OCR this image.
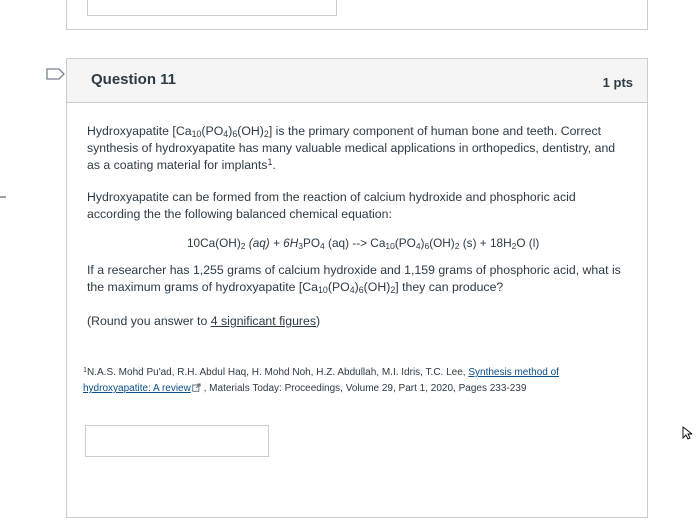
Question 11	1 pts
Hydroxyapatite $[Ca_{10}(PO_4)_6(OH)_2]$ is the primary component of human bone and teeth. Correct synthesis of hydroxyapatite has many valuable medical applications in orthopedics, dentistry, and as a coating material for implants$^1$.
Hydroxyapatite can be formed from the reaction of calcium hydroxide and phosphoric acid according the the following balanced chemical equation:
$10Ca(OH)_2$ $(aq) + 6H_3PO_4$ (aq) --> $Ca_{10}(PO_4)_6(OH)_2$ $(s) + 18H_2O$ (l)
If a researcher has 1,255 grams of calcium hydroxide and 1,159 grams of phosphoric acid, what is the maximum grams of hydroxyapatite $[Ca_{10}(PO_4)_6(OH)_2]$ they can produce?
(Round you answer to 4 significant figures)
$^1$N.A.S. Mohd Pu'ad, R.H. Abdul Haq, H. Mohd Noh, H.Z. Abdullah, M.I. Idris, T.C. Lee, Synthesis method of hydroxyapatite: A review , Materials Today: Proceedings, Volume 29, Part 1, 2020, Pages 233-239
